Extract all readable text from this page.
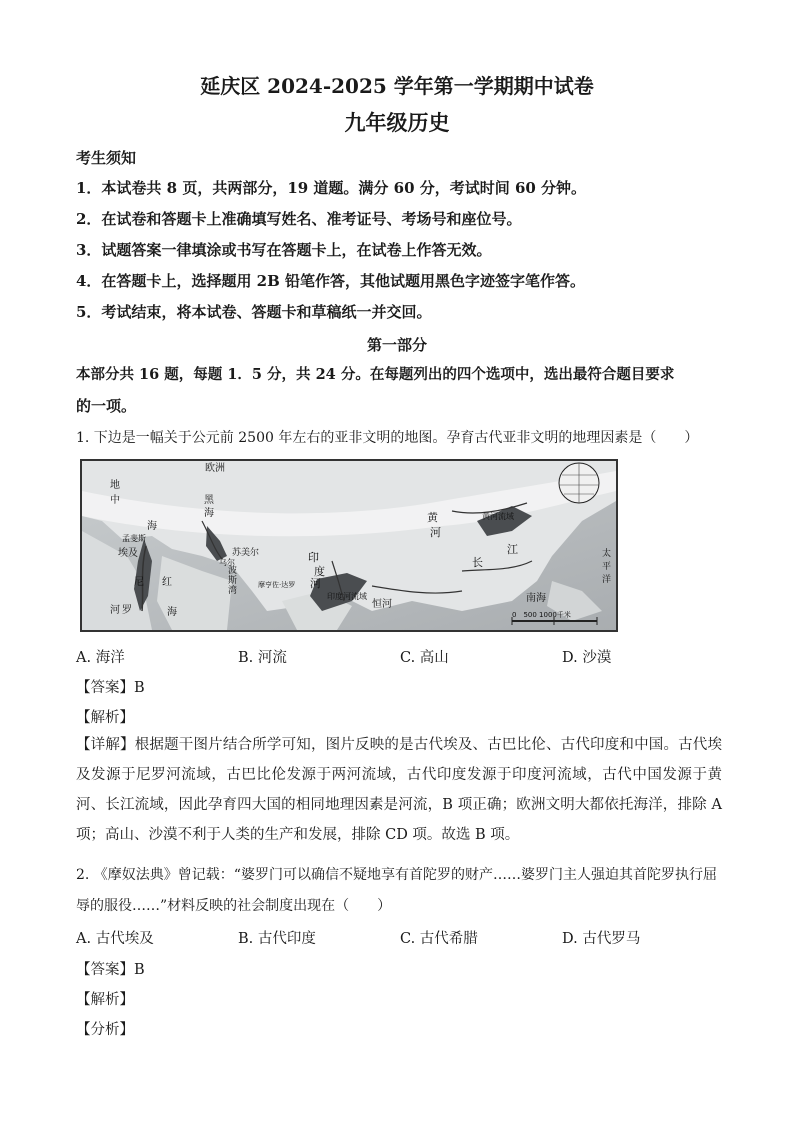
延庆区 2024-2025 学年第一学期期中试卷
九年级历史
考生须知
1．本试卷共 8 页，共两部分，19 道题。满分 60 分，考试时间 60 分钟。
2．在试卷和答题卡上准确填写姓名、准考证号、考场号和座位号。
3．试题答案一律填涂或书写在答题卡上，在试卷上作答无效。
4．在答题卡上，选择题用 2B 铅笔作答，其他试题用黑色字迹签字笔作答。
5．考试结束，将本试卷、答题卡和草稿纸一并交回。
第一部分
本部分共 16 题，每题 1．5 分，共 24 分。在每题列出的四个选项中，选出最符合题目要求
的一项。
1. 下边是一幅关于公元前 2500 年左右的亚非文明的地图。孕育古代亚非文明的地理因素是（　　）
欧洲
地
中
海
黑
海
孟斐斯
埃及
尼
罗
河
红
海
苏美尔
乌尔
波
斯
湾
印
度
河
摩亨佐·达罗
印度河流域
恒河
黄
河
黄河流域
江
长
南海
太
平
洋
0　500 1000千米
A. 海洋	B. 河流	C. 高山	D. 沙漠
【答案】B
【解析】
【详解】根据题干图片结合所学可知，图片反映的是古代埃及、古巴比伦、古代印度和中国。古代埃及发源于尼罗河流域，古巴比伦发源于两河流域，古代印度发源于印度河流域，古代中国发源于黄河、长江流域，因此孕育四大国的相同地理因素是河流，B 项正确；欧洲文明大都依托海洋，排除 A 项；高山、沙漠不利于人类的生产和发展，排除 CD 项。故选 B 项。
2. 《摩奴法典》曾记载：“婆罗门可以确信不疑地享有首陀罗的财产……婆罗门主人强迫其首陀罗执行屈
辱的服役……”材料反映的社会制度出现在（　　）
A. 古代埃及	B. 古代印度	C. 古代希腊	D. 古代罗马
【答案】B
【解析】
【分析】
